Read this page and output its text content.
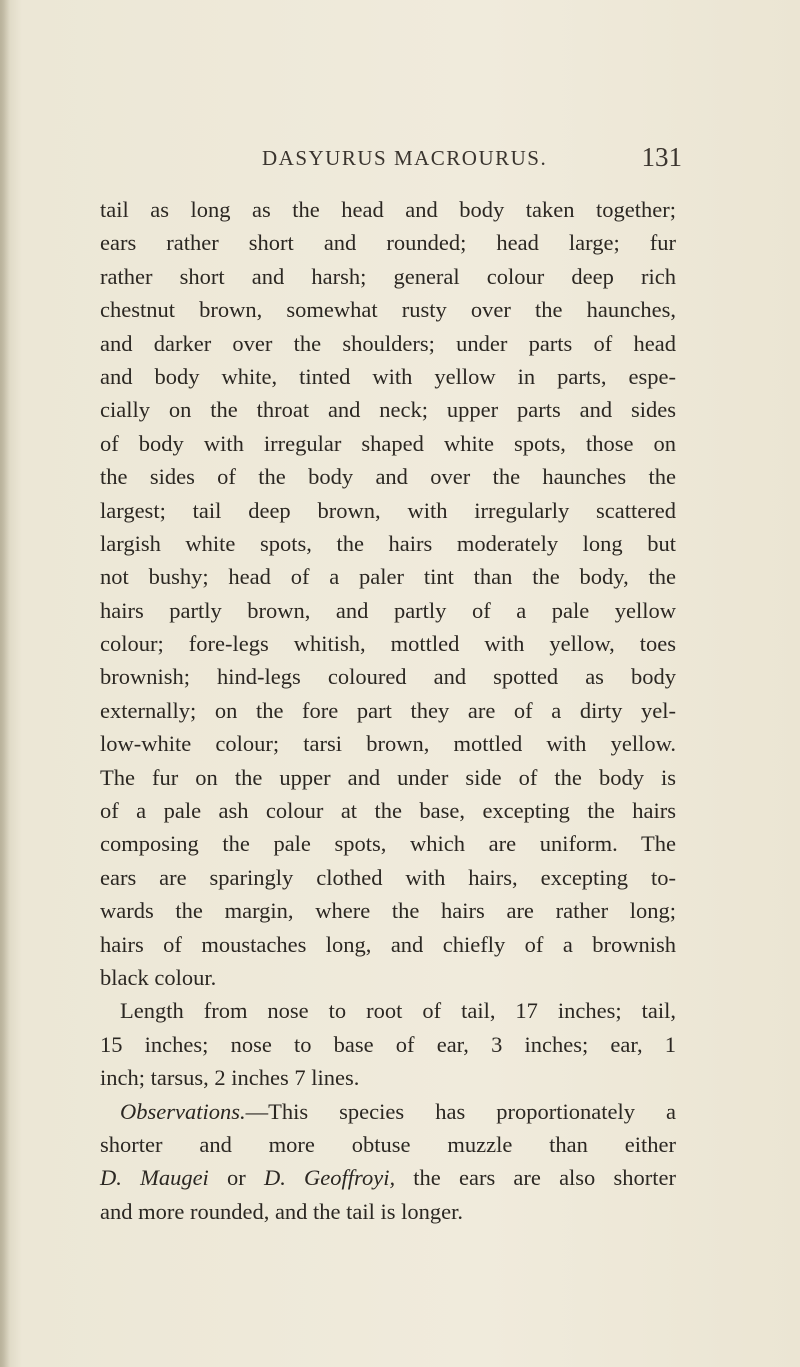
DASYURUS MACROURUS.	131
tail as long as the head and body taken together;
ears rather short and rounded; head large; fur
rather short and harsh; general colour deep rich
chestnut brown, somewhat rusty over the haunches,
and darker over the shoulders; under parts of head
and body white, tinted with yellow in parts, espe-
cially on the throat and neck; upper parts and sides
of body with irregular shaped white spots, those on
the sides of the body and over the haunches the
largest; tail deep brown, with irregularly scattered
largish white spots, the hairs moderately long but
not bushy; head of a paler tint than the body, the
hairs partly brown, and partly of a pale yellow
colour; fore-legs whitish, mottled with yellow, toes
brownish; hind-legs coloured and spotted as body
externally; on the fore part they are of a dirty yel-
low-white colour; tarsi brown, mottled with yellow.
The fur on the upper and under side of the body is
of a pale ash colour at the base, excepting the hairs
composing the pale spots, which are uniform. The
ears are sparingly clothed with hairs, excepting to-
wards the margin, where the hairs are rather long;
hairs of moustaches long, and chiefly of a brownish
black colour.
Length from nose to root of tail, 17 inches; tail,
15 inches; nose to base of ear, 3 inches; ear, 1
inch; tarsus, 2 inches 7 lines.
Observations.—This species has proportionately a
shorter and more obtuse muzzle than either
D. Maugei or D. Geoffroyi, the ears are also shorter
and more rounded, and the tail is longer.
